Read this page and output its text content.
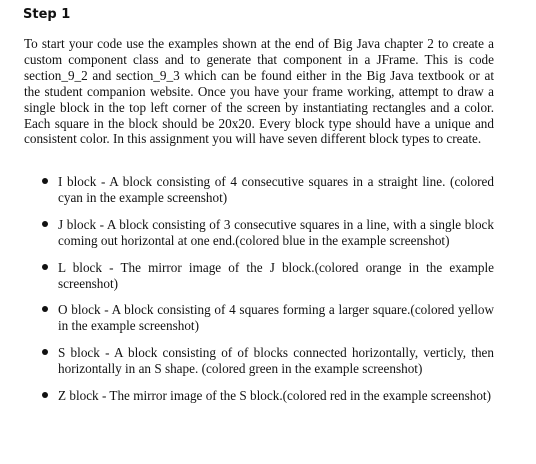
Step 1

To start your code use the examples shown at the end of Big Java chapter 2 to create a custom component class and to generate that component in a JFrame. This is code section_9_2 and section_9_3 which can be found either in the Big Java textbook or at the student companion website. Once you have your frame working, attempt to draw a single block in the top left corner of the screen by instantiating rectangles and a color. Each square in the block should be 20x20. Every block type should have a unique and consistent color. In this assignment you will have seven different block types to create.

I block - A block consisting of 4 consecutive squares in a straight line. (colored cyan in the example screenshot)
J block - A block consisting of 3 consecutive squares in a line, with a single block coming out horizontal at one end.(colored blue in the example screenshot)
L block - The mirror image of the J block.(colored orange in the example screenshot)
O block - A block consisting of 4 squares forming a larger square.(colored yellow in the example screenshot)
S block - A block consisting of of blocks connected horizontally, verticly, then horizontally in an S shape. (colored green in the example screenshot)
Z block - The mirror image of the S block.(colored red in the example screenshot)
